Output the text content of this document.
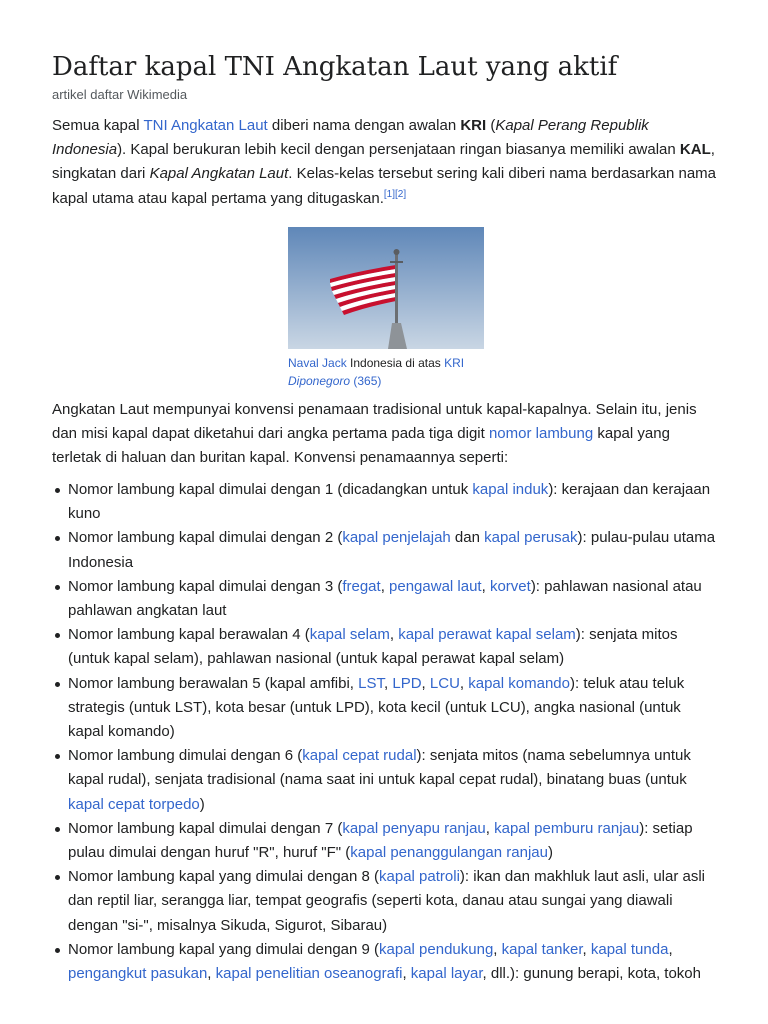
Daftar kapal TNI Angkatan Laut yang aktif
artikel daftar Wikimedia

Semua kapal TNI Angkatan Laut diberi nama dengan awalan KRI (Kapal Perang Republik Indonesia). Kapal berukuran lebih kecil dengan persenjataan ringan biasanya memiliki awalan KAL, singkatan dari Kapal Angkatan Laut. Kelas-kelas tersebut sering kali diberi nama berdasarkan nama kapal utama atau kapal pertama yang ditugaskan.[1][2]

Naval Jack Indonesia di atas KRI
Diponegoro (365)

Angkatan Laut mempunyai konvensi penamaan tradisional untuk kapal-kapalnya. Selain itu, jenis dan misi kapal dapat diketahui dari angka pertama pada tiga digit nomor lambung kapal yang terletak di haluan dan buritan kapal. Konvensi penamaannya seperti:

Nomor lambung kapal dimulai dengan 1 (dicadangkan untuk kapal induk): kerajaan dan kerajaan kuno
Nomor lambung kapal dimulai dengan 2 (kapal penjelajah dan kapal perusak): pulau-pulau utama Indonesia
Nomor lambung kapal dimulai dengan 3 (fregat, pengawal laut, korvet): pahlawan nasional atau pahlawan angkatan laut
Nomor lambung kapal berawalan 4 (kapal selam, kapal perawat kapal selam): senjata mitos (untuk kapal selam), pahlawan nasional (untuk kapal perawat kapal selam)
Nomor lambung berawalan 5 (kapal amfibi, LST, LPD, LCU, kapal komando): teluk atau teluk strategis (untuk LST), kota besar (untuk LPD), kota kecil (untuk LCU), angka nasional (untuk kapal komando)
Nomor lambung dimulai dengan 6 (kapal cepat rudal): senjata mitos (nama sebelumnya untuk kapal rudal), senjata tradisional (nama saat ini untuk kapal cepat rudal), binatang buas (untuk kapal cepat torpedo)
Nomor lambung kapal dimulai dengan 7 (kapal penyapu ranjau, kapal pemburu ranjau): setiap pulau dimulai dengan huruf "R", huruf "F" (kapal penanggulangan ranjau)
Nomor lambung kapal yang dimulai dengan 8 (kapal patroli): ikan dan makhluk laut asli, ular asli dan reptil liar, serangga liar, tempat geografis (seperti kota, danau atau sungai yang diawali dengan "si-", misalnya Sikuda, Sigurot, Sibarau)
Nomor lambung kapal yang dimulai dengan 9 (kapal pendukung, kapal tanker, kapal tunda, pengangkut pasukan, kapal penelitian oseanografi, kapal layar, dll.): gunung berapi, kota, tokoh
